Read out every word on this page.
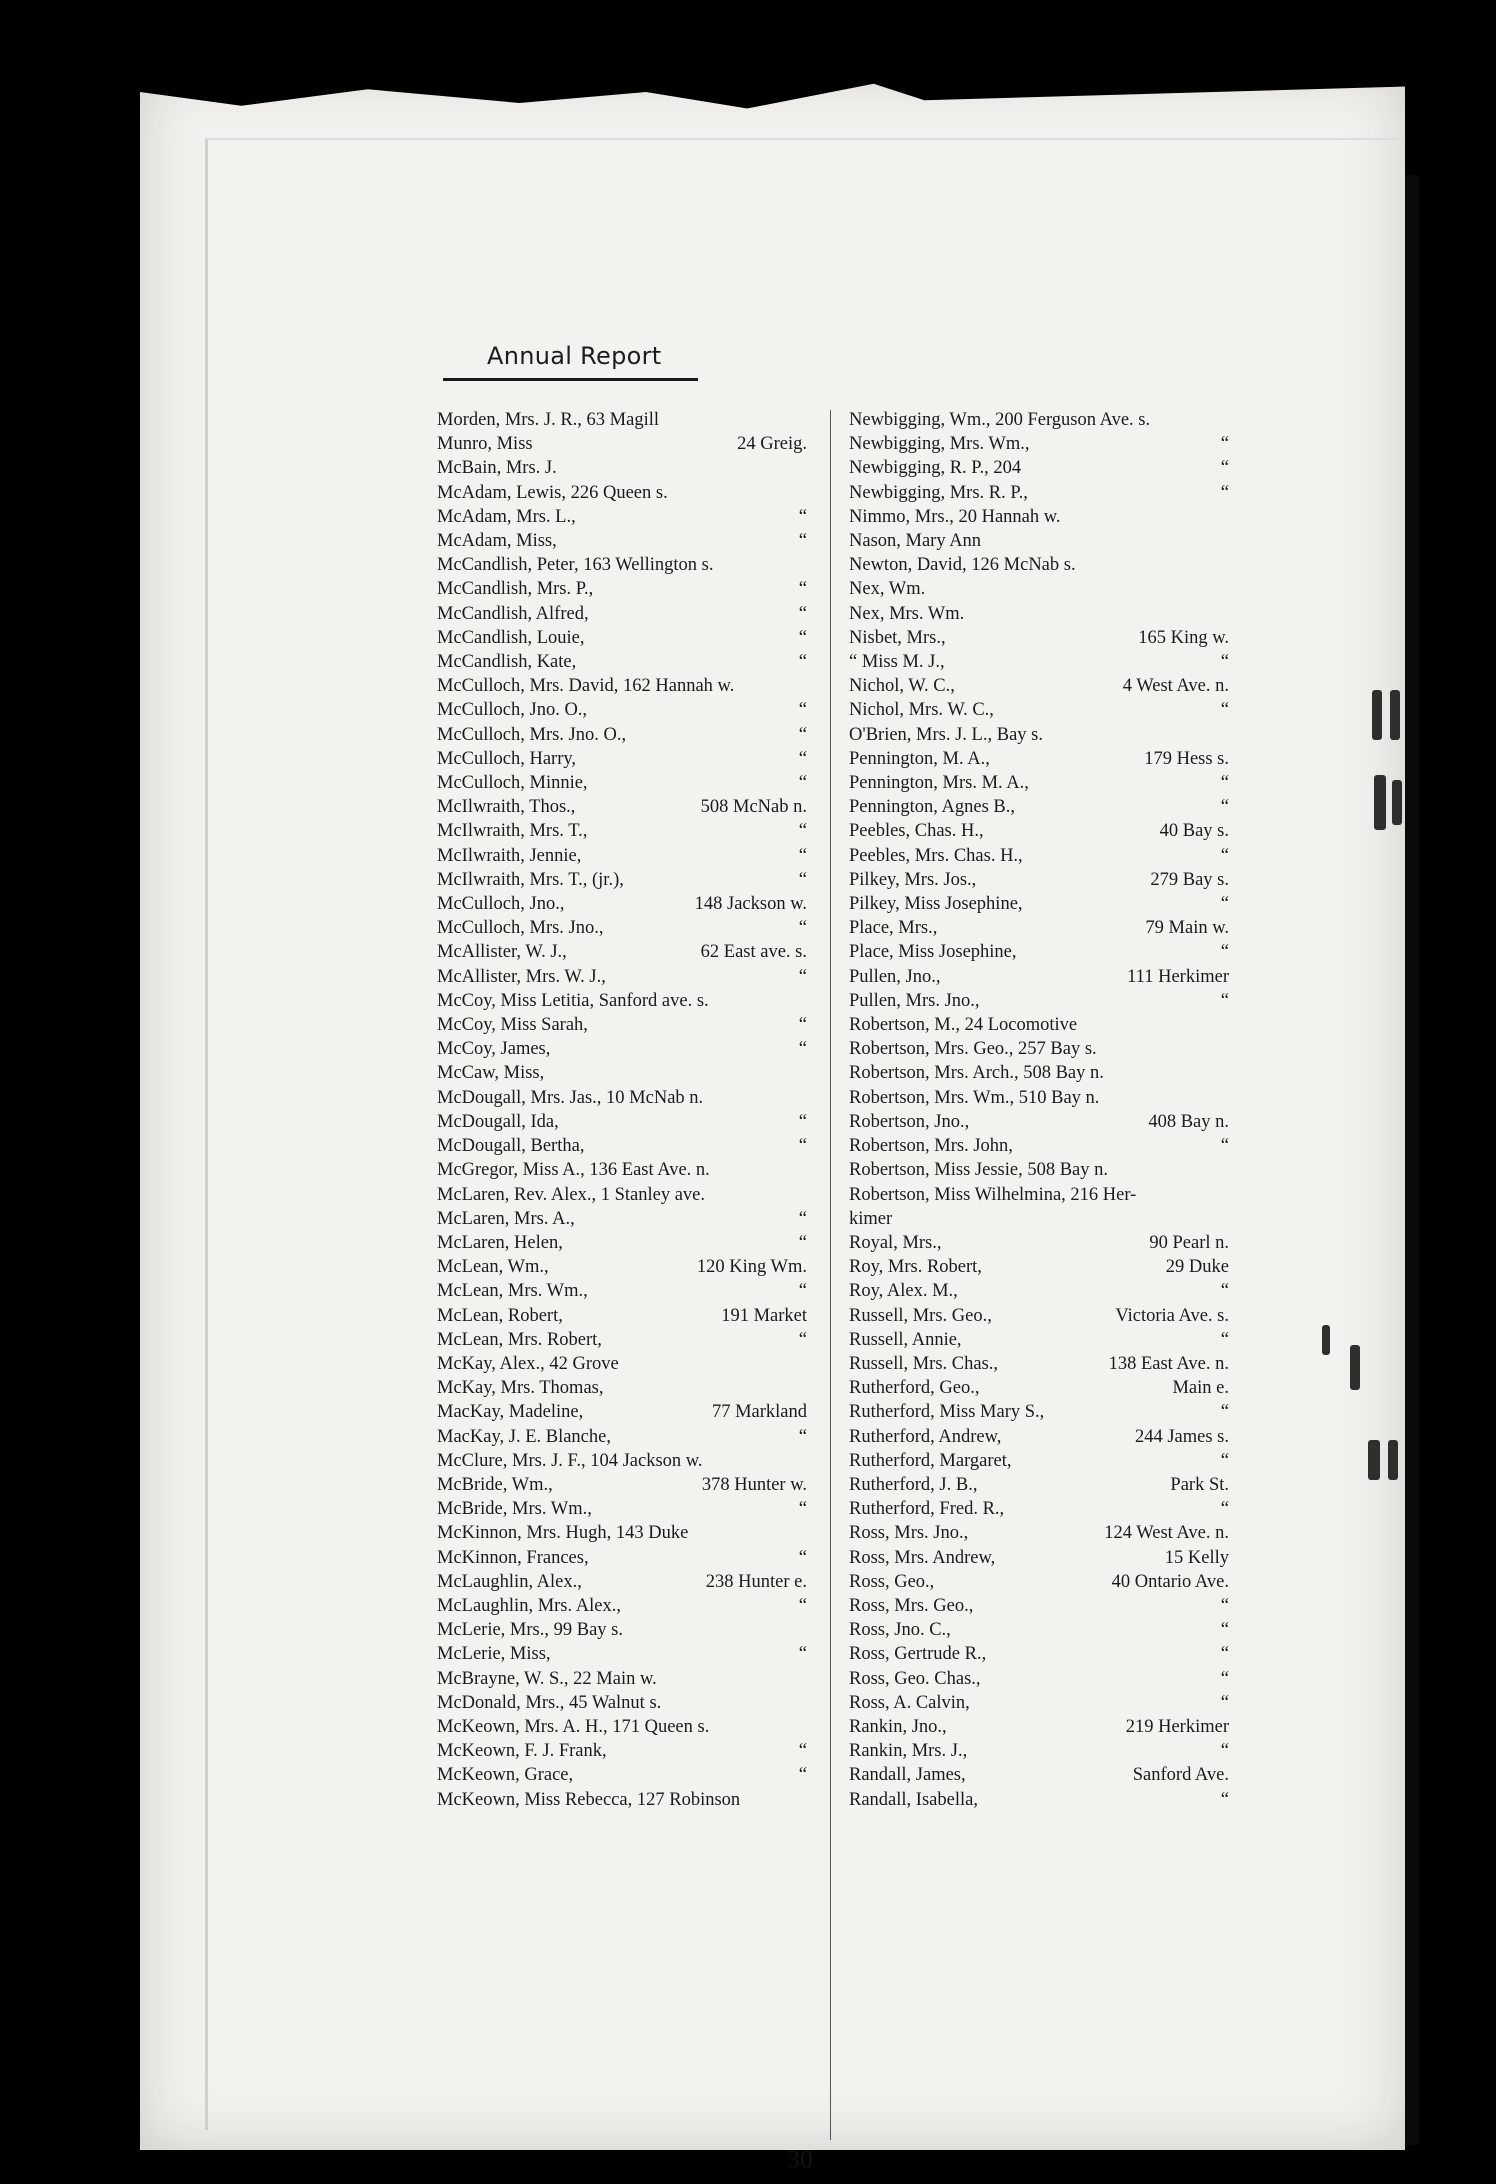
Annual Report
Morden, Mrs. J. R., 63 Magill
Munro, Miss	24 Greig.
McBain, Mrs. J.
McAdam, Lewis, 226 Queen s.
McAdam, Mrs. L.,	“
McAdam, Miss,	“
McCandlish, Peter, 163 Wellington s.
McCandlish, Mrs. P.,	“
McCandlish, Alfred,	“
McCandlish, Louie,	“
McCandlish, Kate,	“
McCulloch, Mrs. David, 162 Hannah w.
McCulloch, Jno. O.,	“
McCulloch, Mrs. Jno. O.,	“
McCulloch, Harry,	“
McCulloch, Minnie,	“
McIlwraith, Thos.,	508 McNab n.
McIlwraith, Mrs. T.,	“
McIlwraith, Jennie,	“
McIlwraith, Mrs. T., (jr.),	“
McCulloch, Jno.,	148 Jackson w.
McCulloch, Mrs. Jno.,	“
McAllister, W. J.,	62 East ave. s.
McAllister, Mrs. W. J.,	“
McCoy, Miss Letitia, Sanford ave. s.
McCoy, Miss Sarah,	“
McCoy, James,	“
McCaw, Miss,
McDougall, Mrs. Jas., 10 McNab n.
McDougall, Ida,	“
McDougall, Bertha,	“
McGregor, Miss A., 136 East Ave. n.
McLaren, Rev. Alex., 1 Stanley ave.
McLaren, Mrs. A.,	“
McLaren, Helen,	“
McLean, Wm.,	120 King Wm.
McLean, Mrs. Wm.,	“
McLean, Robert,	191 Market
McLean, Mrs. Robert,	“
McKay, Alex., 42 Grove
McKay, Mrs. Thomas,
MacKay, Madeline,	77 Markland
MacKay, J. E. Blanche,	“
McClure, Mrs. J. F., 104 Jackson w.
McBride, Wm.,	378 Hunter w.
McBride, Mrs. Wm.,	“
McKinnon, Mrs. Hugh, 143 Duke
McKinnon, Frances,	“
McLaughlin, Alex.,	238 Hunter e.
McLaughlin, Mrs. Alex.,	“
McLerie, Mrs., 99 Bay s.
McLerie, Miss,	“
McBrayne, W. S., 22 Main w.
McDonald, Mrs., 45 Walnut s.
McKeown, Mrs. A. H., 171 Queen s.
McKeown, F. J. Frank,	“
McKeown, Grace,	“
McKeown, Miss Rebecca, 127 Robinson
Newbigging, Wm., 200 Ferguson Ave. s.
Newbigging, Mrs. Wm.,	“
Newbigging, R. P., 204	“
Newbigging, Mrs. R. P.,	“
Nimmo, Mrs., 20 Hannah w.
Nason, Mary Ann
Newton, David, 126 McNab s.
Nex, Wm.
Nex, Mrs. Wm.
Nisbet, Mrs.,	165 King w.
“ Miss M. J.,	“
Nichol, W. C.,	4 West Ave. n.
Nichol, Mrs. W. C.,	“
O'Brien, Mrs. J. L., Bay s.
Pennington, M. A.,	179 Hess s.
Pennington, Mrs. M. A.,	“
Pennington, Agnes B.,	“
Peebles, Chas. H.,	40 Bay s.
Peebles, Mrs. Chas. H.,	“
Pilkey, Mrs. Jos.,	279 Bay s.
Pilkey, Miss Josephine,	“
Place, Mrs.,	79 Main w.
Place, Miss Josephine,	“
Pullen, Jno.,	111 Herkimer
Pullen, Mrs. Jno.,	“
Robertson, M., 24 Locomotive
Robertson, Mrs. Geo., 257 Bay s.
Robertson, Mrs. Arch., 508 Bay n.
Robertson, Mrs. Wm., 510 Bay n.
Robertson, Jno.,	408 Bay n.
Robertson, Mrs. John,	“
Robertson, Miss Jessie, 508 Bay n.
Robertson, Miss Wilhelmina, 216 Her-
kimer
Royal, Mrs.,	90 Pearl n.
Roy, Mrs. Robert,	29 Duke
Roy, Alex. M.,	“
Russell, Mrs. Geo.,	Victoria Ave. s.
Russell, Annie,	“
Russell, Mrs. Chas.,	138 East Ave. n.
Rutherford, Geo.,	Main e.
Rutherford, Miss Mary S.,	“
Rutherford, Andrew,	244 James s.
Rutherford, Margaret,	“
Rutherford, J. B.,	Park St.
Rutherford, Fred. R.,	“
Ross, Mrs. Jno.,	124 West Ave. n.
Ross, Mrs. Andrew,	15 Kelly
Ross, Geo.,	40 Ontario Ave.
Ross, Mrs. Geo.,	“
Ross, Jno. C.,	“
Ross, Gertrude R.,	“
Ross, Geo. Chas.,	“
Ross, A. Calvin,	“
Rankin, Jno.,	219 Herkimer
Rankin, Mrs. J.,	“
Randall, James,	Sanford Ave.
Randall, Isabella,	“
30
